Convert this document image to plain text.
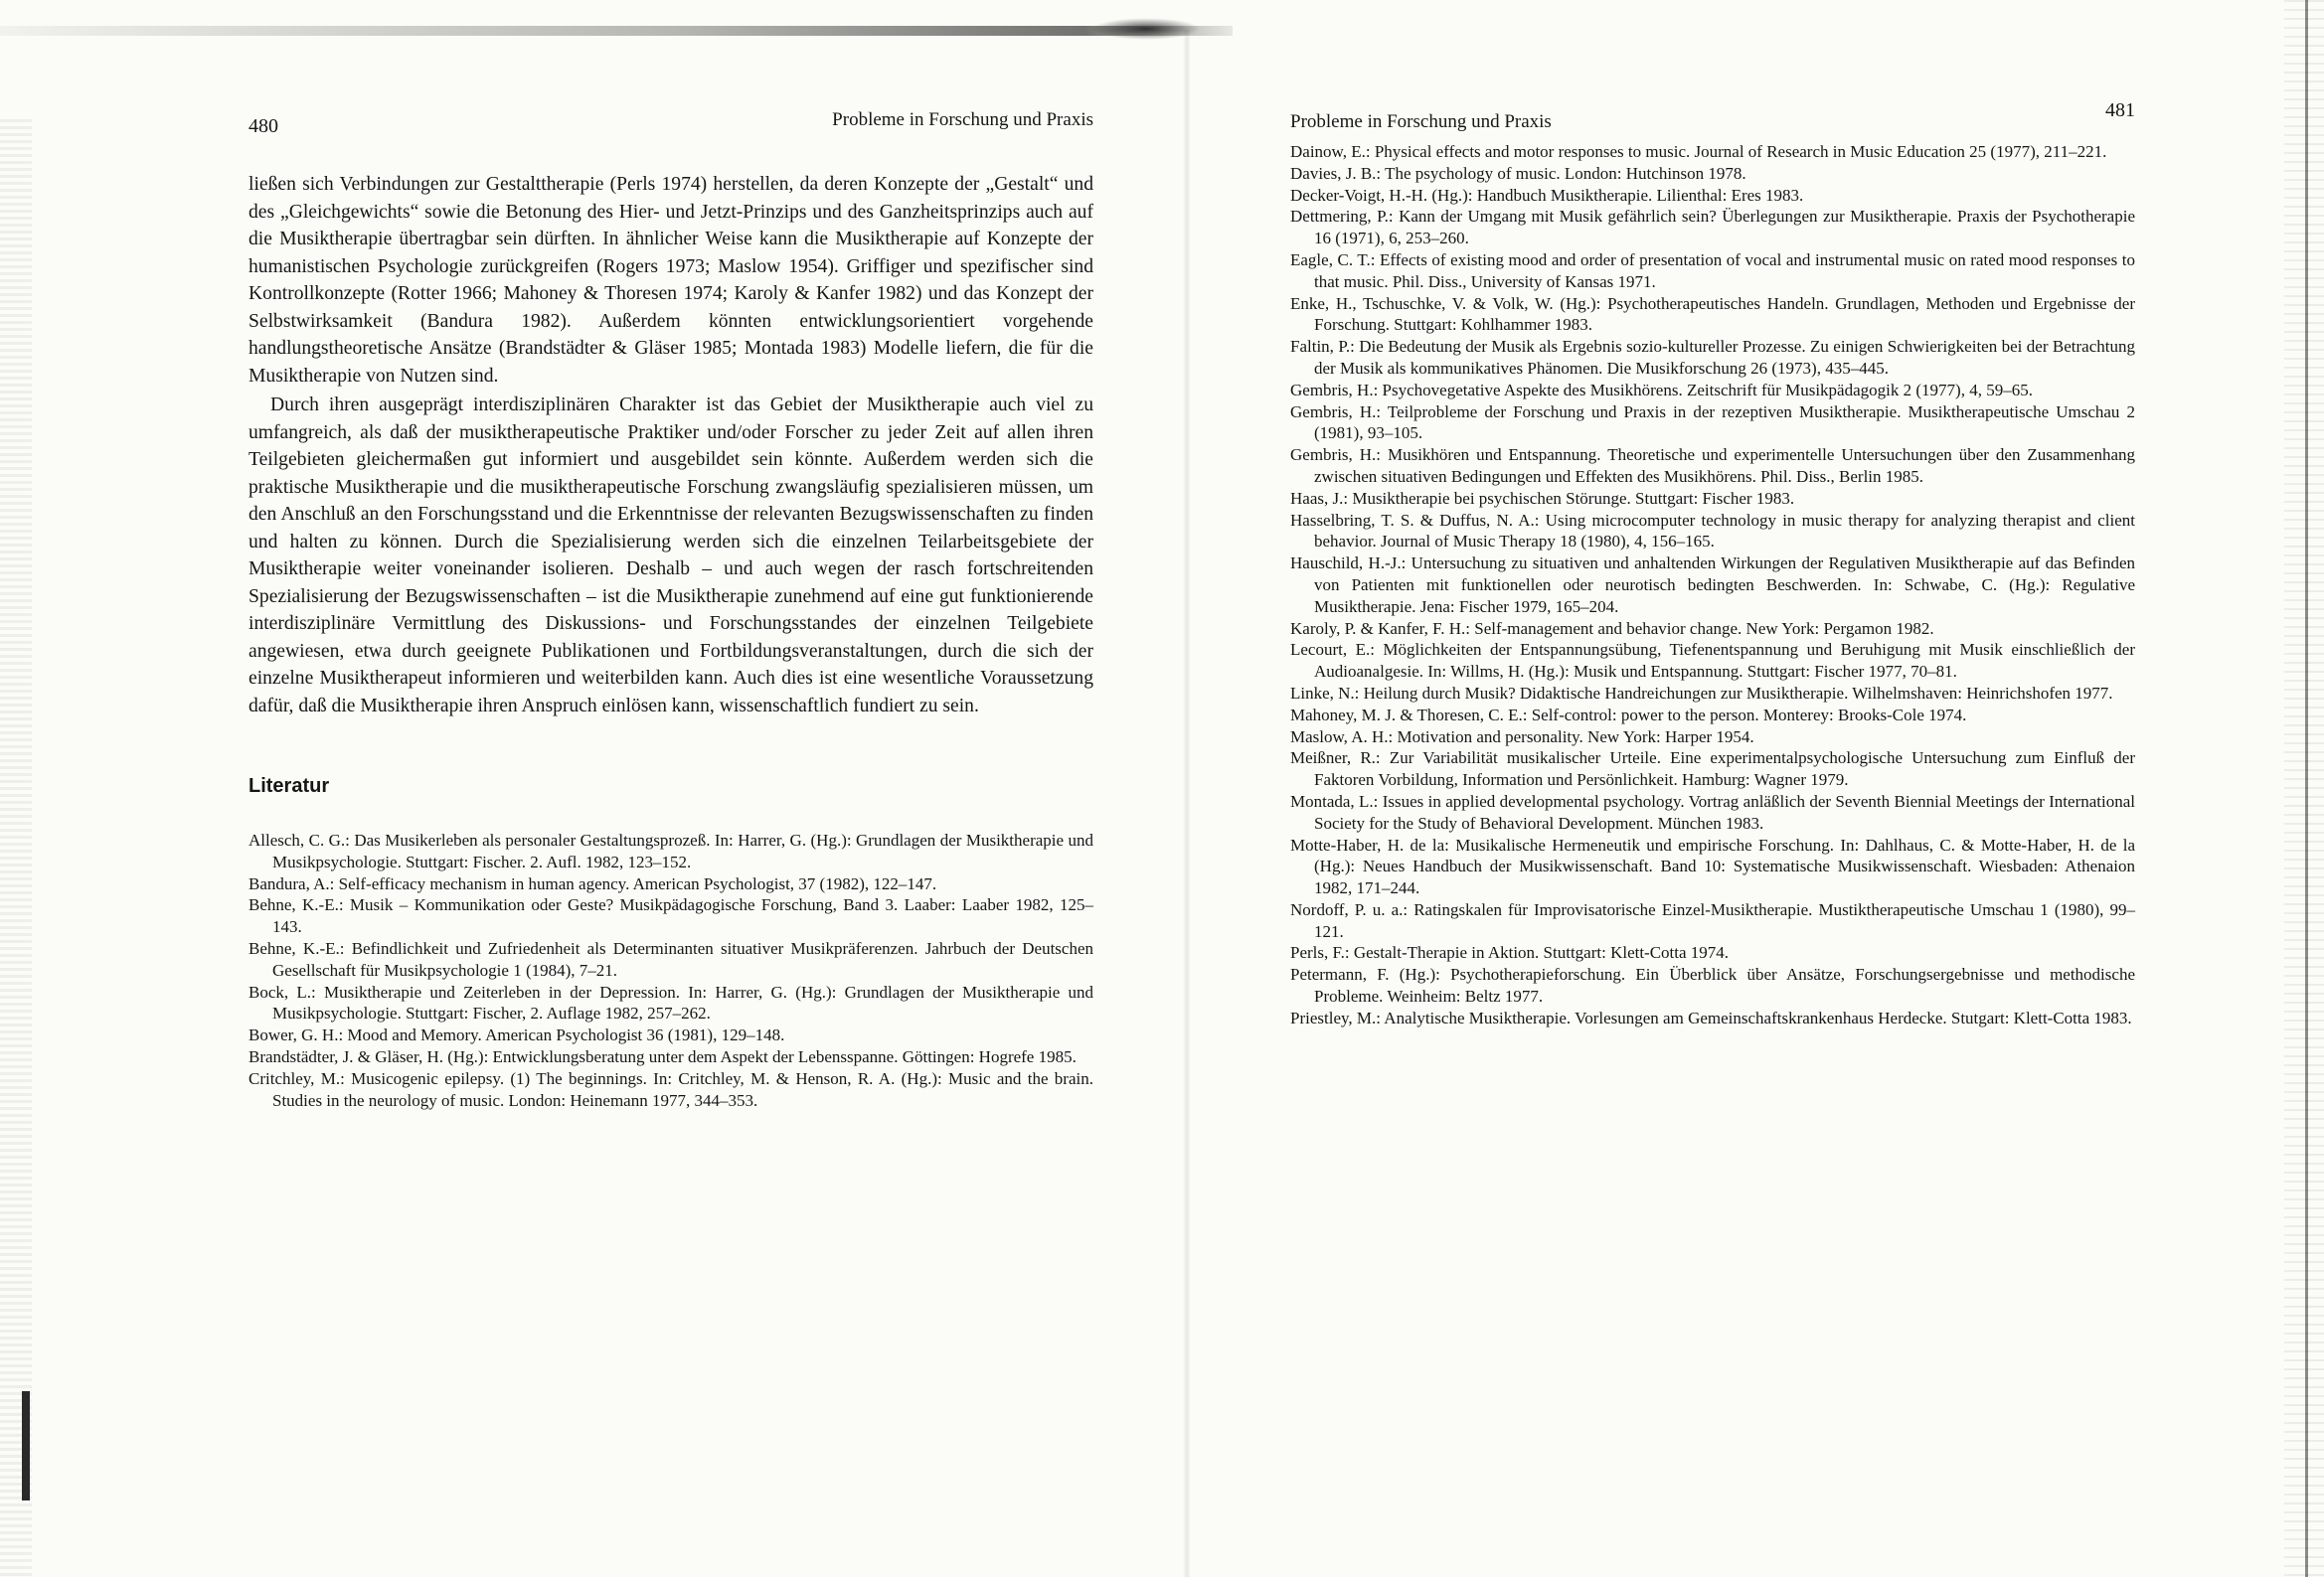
480	Probleme in Forschung und Praxis

ließen sich Verbindungen zur Gestalttherapie (Perls 1974) herstellen, da deren Konzepte der „Gestalt“ und des „Gleichgewichts“ sowie die Betonung des Hier- und Jetzt-Prinzips und des Ganzheitsprinzips auch auf die Musiktherapie übertragbar sein dürften. In ähnlicher Weise kann die Musiktherapie auf Konzepte der humanistischen Psychologie zurückgreifen (Rogers 1973; Maslow 1954). Griffiger und spezifischer sind Kontrollkonzepte (Rotter 1966; Mahoney & Thoresen 1974; Karoly & Kanfer 1982) und das Konzept der Selbstwirksamkeit (Bandura 1982). Außerdem könnten entwicklungsorientiert vorgehende handlungstheoretische Ansätze (Brandstädter & Gläser 1985; Montada 1983) Modelle liefern, die für die Musiktherapie von Nutzen sind.

Durch ihren ausgeprägt interdisziplinären Charakter ist das Gebiet der Musiktherapie auch viel zu umfangreich, als daß der musiktherapeutische Praktiker und/oder Forscher zu jeder Zeit auf allen ihren Teilgebieten gleichermaßen gut informiert und ausgebildet sein könnte. Außerdem werden sich die praktische Musiktherapie und die musiktherapeutische Forschung zwangsläufig spezialisieren müssen, um den Anschluß an den Forschungsstand und die Erkenntnisse der relevanten Bezugswissenschaften zu finden und halten zu können. Durch die Spezialisierung werden sich die einzelnen Teilarbeitsgebiete der Musiktherapie weiter voneinander isolieren. Deshalb – und auch wegen der rasch fortschreitenden Spezialisierung der Bezugswissenschaften – ist die Musiktherapie zunehmend auf eine gut funktionierende interdisziplinäre Vermittlung des Diskussions- und Forschungsstandes der einzelnen Teilgebiete angewiesen, etwa durch geeignete Publikationen und Fortbildungsveranstaltungen, durch die sich der einzelne Musiktherapeut informieren und weiterbilden kann. Auch dies ist eine wesentliche Voraussetzung dafür, daß die Musiktherapie ihren Anspruch einlösen kann, wissenschaftlich fundiert zu sein.

Literatur

Allesch, C. G.: Das Musikerleben als personaler Gestaltungsprozeß. In: Harrer, G. (Hg.): Grundlagen der Musiktherapie und Musikpsychologie. Stuttgart: Fischer. 2. Aufl. 1982, 123–152.

Bandura, A.: Self-efficacy mechanism in human agency. American Psychologist, 37 (1982), 122–147.

Behne, K.-E.: Musik – Kommunikation oder Geste? Musikpädagogische Forschung, Band 3. Laaber: Laaber 1982, 125–143.

Behne, K.-E.: Befindlichkeit und Zufriedenheit als Determinanten situativer Musikpräferenzen. Jahrbuch der Deutschen Gesellschaft für Musikpsychologie 1 (1984), 7–21.

Bock, L.: Musiktherapie und Zeiterleben in der Depression. In: Harrer, G. (Hg.): Grundlagen der Musiktherapie und Musikpsychologie. Stuttgart: Fischer, 2. Auflage 1982, 257–262.

Bower, G. H.: Mood and Memory. American Psychologist 36 (1981), 129–148.

Brandstädter, J. & Gläser, H. (Hg.): Entwicklungsberatung unter dem Aspekt der Lebensspanne. Göttingen: Hogrefe 1985.

Critchley, M.: Musicogenic epilepsy. (1) The beginnings. In: Critchley, M. & Henson, R. A. (Hg.): Music and the brain. Studies in the neurology of music. London: Heinemann 1977, 344–353.

Probleme in Forschung und Praxis
481

Dainow, E.: Physical effects and motor responses to music. Journal of Research in Music Education 25 (1977), 211–221.

Davies, J. B.: The psychology of music. London: Hutchinson 1978.

Decker-Voigt, H.-H. (Hg.): Handbuch Musiktherapie. Lilienthal: Eres 1983.

Dettmering, P.: Kann der Umgang mit Musik gefährlich sein? Überlegungen zur Musiktherapie. Praxis der Psychotherapie 16 (1971), 6, 253–260.

Eagle, C. T.: Effects of existing mood and order of presentation of vocal and instrumental music on rated mood responses to that music. Phil. Diss., University of Kansas 1971.

Enke, H., Tschuschke, V. & Volk, W. (Hg.): Psychotherapeutisches Handeln. Grundlagen, Methoden und Ergebnisse der Forschung. Stuttgart: Kohlhammer 1983.

Faltin, P.: Die Bedeutung der Musik als Ergebnis sozio-kultureller Prozesse. Zu einigen Schwierigkeiten bei der Betrachtung der Musik als kommunikatives Phänomen. Die Musikforschung 26 (1973), 435–445.

Gembris, H.: Psychovegetative Aspekte des Musikhörens. Zeitschrift für Musikpädagogik 2 (1977), 4, 59–65.

Gembris, H.: Teilprobleme der Forschung und Praxis in der rezeptiven Musiktherapie. Musiktherapeutische Umschau 2 (1981), 93–105.

Gembris, H.: Musikhören und Entspannung. Theoretische und experimentelle Untersuchungen über den Zusammenhang zwischen situativen Bedingungen und Effekten des Musikhörens. Phil. Diss., Berlin 1985.

Haas, J.: Musiktherapie bei psychischen Störunge. Stuttgart: Fischer 1983.

Hasselbring, T. S. & Duffus, N. A.: Using microcomputer technology in music therapy for analyzing therapist and client behavior. Journal of Music Therapy 18 (1980), 4, 156–165.

Hauschild, H.-J.: Untersuchung zu situativen und anhaltenden Wirkungen der Regulativen Musiktherapie auf das Befinden von Patienten mit funktionellen oder neurotisch bedingten Beschwerden. In: Schwabe, C. (Hg.): Regulative Musiktherapie. Jena: Fischer 1979, 165–204.

Karoly, P. & Kanfer, F. H.: Self-management and behavior change. New York: Pergamon 1982.

Lecourt, E.: Möglichkeiten der Entspannungsübung, Tiefenentspannung und Beruhigung mit Musik einschließlich der Audioanalgesie. In: Willms, H. (Hg.): Musik und Entspannung. Stuttgart: Fischer 1977, 70–81.

Linke, N.: Heilung durch Musik? Didaktische Handreichungen zur Musiktherapie. Wilhelmshaven: Heinrichshofen 1977.

Mahoney, M. J. & Thoresen, C. E.: Self-control: power to the person. Monterey: Brooks-Cole 1974.

Maslow, A. H.: Motivation and personality. New York: Harper 1954.

Meißner, R.: Zur Variabilität musikalischer Urteile. Eine experimentalpsychologische Untersuchung zum Einfluß der Faktoren Vorbildung, Information und Persönlichkeit. Hamburg: Wagner 1979.

Montada, L.: Issues in applied developmental psychology. Vortrag anläßlich der Seventh Biennial Meetings der International Society for the Study of Behavioral Development. München 1983.

Motte-Haber, H. de la: Musikalische Hermeneutik und empirische Forschung. In: Dahlhaus, C. & Motte-Haber, H. de la (Hg.): Neues Handbuch der Musikwissenschaft. Band 10: Systematische Musikwissenschaft. Wiesbaden: Athenaion 1982, 171–244.

Nordoff, P. u. a.: Ratingskalen für Improvisatorische Einzel-Musiktherapie. Mustiktherapeutische Umschau 1 (1980), 99–121.

Perls, F.: Gestalt-Therapie in Aktion. Stuttgart: Klett-Cotta 1974.

Petermann, F. (Hg.): Psychotherapieforschung. Ein Überblick über Ansätze, Forschungsergebnisse und methodische Probleme. Weinheim: Beltz 1977.

Priestley, M.: Analytische Musiktherapie. Vorlesungen am Gemeinschaftskrankenhaus Herdecke. Stutgart: Klett-Cotta 1983.
